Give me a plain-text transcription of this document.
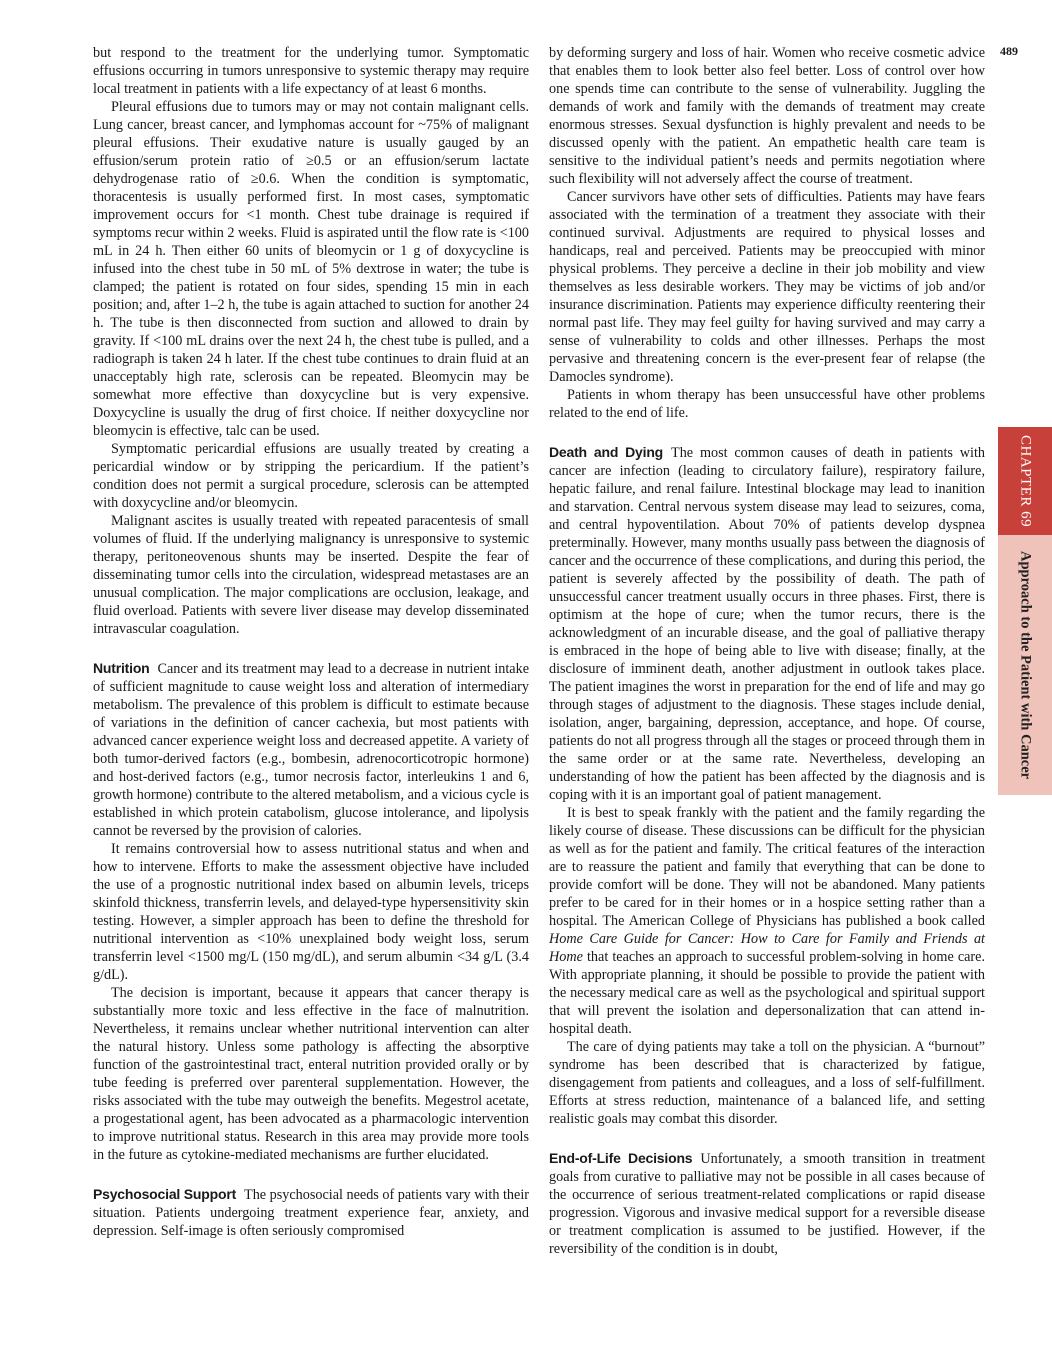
489

but respond to the treatment for the underlying tumor. Symptomatic effusions occurring in tumors unresponsive to systemic therapy may require local treatment in patients with a life expectancy of at least 6 months.

Pleural effusions due to tumors may or may not contain malignant cells. Lung cancer, breast cancer, and lymphomas account for ~75% of malignant pleural effusions. Their exudative nature is usually gauged by an effusion/serum protein ratio of ≥0.5 or an effusion/serum lactate dehydrogenase ratio of ≥0.6. When the condition is symptomatic, thoracentesis is usually performed first. In most cases, symptomatic improvement occurs for <1 month. Chest tube drainage is required if symptoms recur within 2 weeks. Fluid is aspirated until the flow rate is <100 mL in 24 h. Then either 60 units of bleomycin or 1 g of doxycycline is infused into the chest tube in 50 mL of 5% dextrose in water; the tube is clamped; the patient is rotated on four sides, spending 15 min in each position; and, after 1–2 h, the tube is again attached to suction for another 24 h. The tube is then disconnected from suction and allowed to drain by gravity. If <100 mL drains over the next 24 h, the chest tube is pulled, and a radiograph is taken 24 h later. If the chest tube continues to drain fluid at an unacceptably high rate, sclerosis can be repeated. Bleomycin may be somewhat more effective than doxycycline but is very expensive. Doxycycline is usually the drug of first choice. If neither doxycycline nor bleomycin is effective, talc can be used.

Symptomatic pericardial effusions are usually treated by creating a pericardial window or by stripping the pericardium. If the patient’s condition does not permit a surgical procedure, sclerosis can be attempted with doxycycline and/or bleomycin.

Malignant ascites is usually treated with repeated paracentesis of small volumes of fluid. If the underlying malignancy is unresponsive to systemic therapy, peritoneovenous shunts may be inserted. Despite the fear of disseminating tumor cells into the circulation, widespread metastases are an unusual complication. The major complications are occlusion, leakage, and fluid overload. Patients with severe liver disease may develop disseminated intravascular coagulation.

Nutrition Cancer and its treatment may lead to a decrease in nutrient intake of sufficient magnitude to cause weight loss and alteration of intermediary metabolism. The prevalence of this problem is difficult to estimate because of variations in the definition of cancer cachexia, but most patients with advanced cancer experience weight loss and decreased appetite. A variety of both tumor-derived factors (e.g., bombesin, adrenocorticotropic hormone) and host-derived factors (e.g., tumor necrosis factor, interleukins 1 and 6, growth hormone) contribute to the altered metabolism, and a vicious cycle is established in which protein catabolism, glucose intolerance, and lipolysis cannot be reversed by the provision of calories.

It remains controversial how to assess nutritional status and when and how to intervene. Efforts to make the assessment objective have included the use of a prognostic nutritional index based on albumin levels, triceps skinfold thickness, transferrin levels, and delayed-type hypersensitivity skin testing. However, a simpler approach has been to define the threshold for nutritional intervention as <10% unexplained body weight loss, serum transferrin level <1500 mg/L (150 mg/dL), and serum albumin <34 g/L (3.4 g/dL).

The decision is important, because it appears that cancer therapy is substantially more toxic and less effective in the face of malnutrition. Nevertheless, it remains unclear whether nutritional intervention can alter the natural history. Unless some pathology is affecting the absorptive function of the gastrointestinal tract, enteral nutrition provided orally or by tube feeding is preferred over parenteral supplementation. However, the risks associated with the tube may outweigh the benefits. Megestrol acetate, a progestational agent, has been advocated as a pharmacologic intervention to improve nutritional status. Research in this area may provide more tools in the future as cytokine-mediated mechanisms are further elucidated.

Psychosocial Support The psychosocial needs of patients vary with their situation. Patients undergoing treatment experience fear, anxiety, and depression. Self-image is often seriously compromised

by deforming surgery and loss of hair. Women who receive cosmetic advice that enables them to look better also feel better. Loss of control over how one spends time can contribute to the sense of vulnerability. Juggling the demands of work and family with the demands of treatment may create enormous stresses. Sexual dysfunction is highly prevalent and needs to be discussed openly with the patient. An empathetic health care team is sensitive to the individual patient’s needs and permits negotiation where such flexibility will not adversely affect the course of treatment.

Cancer survivors have other sets of difficulties. Patients may have fears associated with the termination of a treatment they associate with their continued survival. Adjustments are required to physical losses and handicaps, real and perceived. Patients may be preoccupied with minor physical problems. They perceive a decline in their job mobility and view themselves as less desirable workers. They may be victims of job and/or insurance discrimination. Patients may experience difficulty reentering their normal past life. They may feel guilty for having survived and may carry a sense of vulnerability to colds and other illnesses. Perhaps the most pervasive and threatening concern is the ever-present fear of relapse (the Damocles syndrome).

Patients in whom therapy has been unsuccessful have other problems related to the end of life.

Death and Dying The most common causes of death in patients with cancer are infection (leading to circulatory failure), respiratory failure, hepatic failure, and renal failure. Intestinal blockage may lead to inanition and starvation. Central nervous system disease may lead to seizures, coma, and central hypoventilation. About 70% of patients develop dyspnea preterminally. However, many months usually pass between the diagnosis of cancer and the occurrence of these complications, and during this period, the patient is severely affected by the possibility of death. The path of unsuccessful cancer treatment usually occurs in three phases. First, there is optimism at the hope of cure; when the tumor recurs, there is the acknowledgment of an incurable disease, and the goal of palliative therapy is embraced in the hope of being able to live with disease; finally, at the disclosure of imminent death, another adjustment in outlook takes place. The patient imagines the worst in preparation for the end of life and may go through stages of adjustment to the diagnosis. These stages include denial, isolation, anger, bargaining, depression, acceptance, and hope. Of course, patients do not all progress through all the stages or proceed through them in the same order or at the same rate. Nevertheless, developing an understanding of how the patient has been affected by the diagnosis and is coping with it is an important goal of patient management.

It is best to speak frankly with the patient and the family regarding the likely course of disease. These discussions can be difficult for the physician as well as for the patient and family. The critical features of the interaction are to reassure the patient and family that everything that can be done to provide comfort will be done. They will not be abandoned. Many patients prefer to be cared for in their homes or in a hospice setting rather than a hospital. The American College of Physicians has published a book called Home Care Guide for Cancer: How to Care for Family and Friends at Home that teaches an approach to successful problem-solving in home care. With appropriate planning, it should be possible to provide the patient with the necessary medical care as well as the psychological and spiritual support that will prevent the isolation and depersonalization that can attend in-hospital death.

The care of dying patients may take a toll on the physician. A “burnout” syndrome has been described that is characterized by fatigue, disengagement from patients and colleagues, and a loss of self-fulfillment. Efforts at stress reduction, maintenance of a balanced life, and setting realistic goals may combat this disorder.

End-of-Life Decisions Unfortunately, a smooth transition in treatment goals from curative to palliative may not be possible in all cases because of the occurrence of serious treatment-related complications or rapid disease progression. Vigorous and invasive medical support for a reversible disease or treatment complication is assumed to be justified. However, if the reversibility of the condition is in doubt,

CHAPTER 69
Approach to the Patient with Cancer
